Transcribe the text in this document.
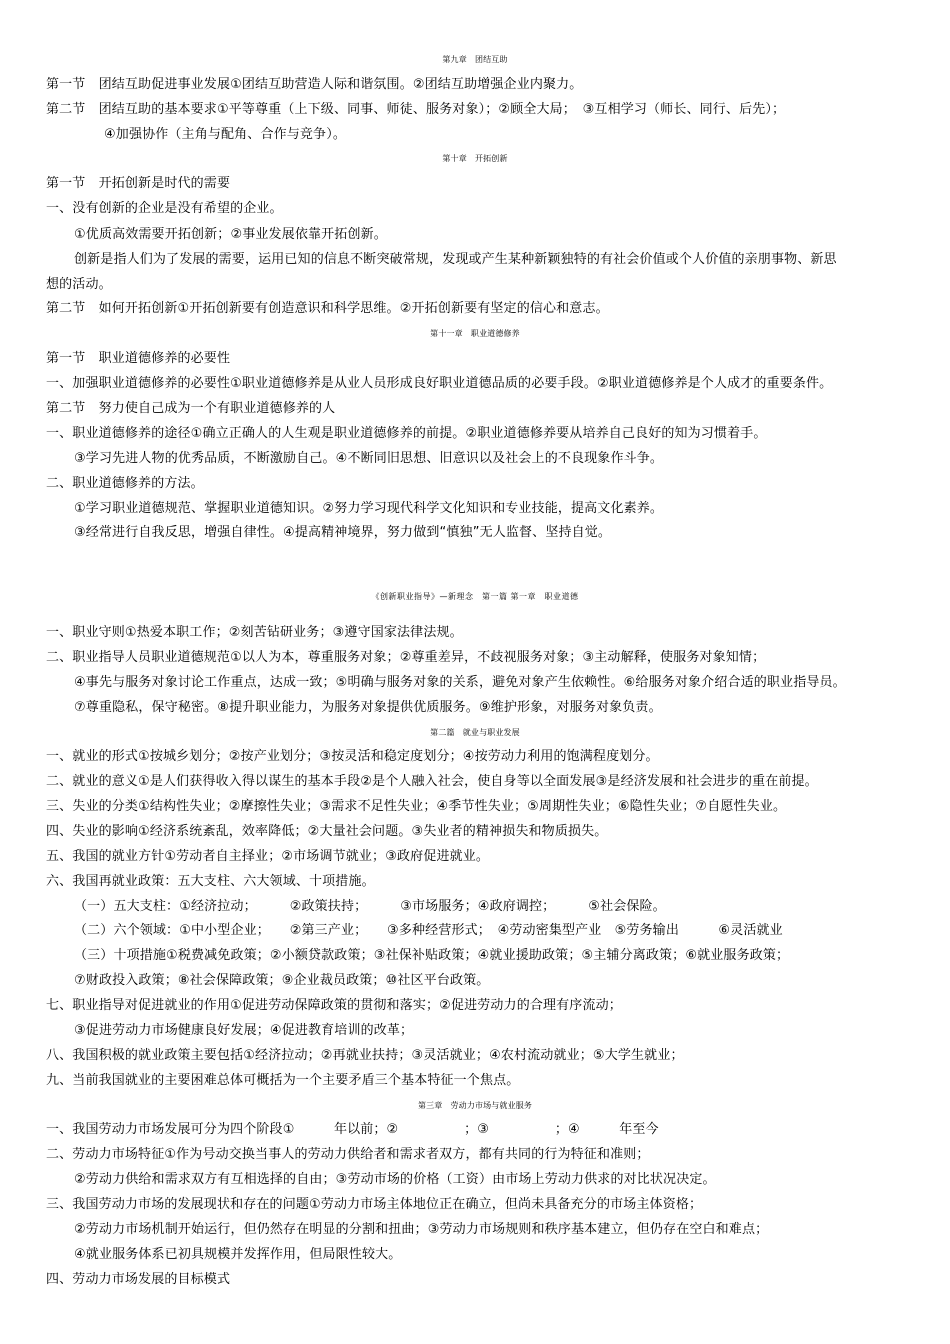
第九章　团结互助

第一节　团结互助促进事业发展①团结互助营造人际和谐氛围。②团结互助增强企业内聚力。

第二节　团结互助的基本要求①平等尊重（上下级、同事、师徒、服务对象）；②顾全大局；　③互相学习（师长、同行、后先）；

④加强协作（主角与配角、合作与竞争）。

第十章　开拓创新

第一节　开拓创新是时代的需要

一、没有创新的企业是没有希望的企业。

①优质高效需要开拓创新；②事业发展依靠开拓创新。

创新是指人们为了发展的需要，运用已知的信息不断突破常规，发现或产生某种新颖独特的有社会价值或个人价值的亲朋事物、新思

想的活动。

第二节　如何开拓创新①开拓创新要有创造意识和科学思维。②开拓创新要有坚定的信心和意志。

第十一章　职业道德修养

第一节　职业道德修养的必要性

一、加强职业道德修养的必要性①职业道德修养是从业人员形成良好职业道德品质的必要手段。②职业道德修养是个人成才的重要条件。

第二节　努力使自己成为一个有职业道德修养的人

一、职业道德修养的途径①确立正确人的人生观是职业道德修养的前提。②职业道德修养要从培养自己良好的知为习惯着手。

③学习先进人物的优秀品质，不断激励自己。④不断同旧思想、旧意识以及社会上的不良现象作斗争。

二、职业道德修养的方法。

①学习职业道德规范、掌握职业道德知识。②努力学习现代科学文化知识和专业技能，提高文化素养。

③经常进行自我反思，增强自律性。④提高精神境界，努力做到“慎独”无人监督、坚持自觉。

《创新职业指导》—新理念　第一篇 第一章　职业道德

一、职业守则①热爱本职工作；②刻苦钻研业务；③遵守国家法律法规。

二、职业指导人员职业道德规范①以人为本，尊重服务对象；②尊重差异，不歧视服务对象；③主动解释，使服务对象知情；

④事先与服务对象讨论工作重点，达成一致；⑤明确与服务对象的关系，避免对象产生依赖性。⑥给服务对象介绍合适的职业指导员。

⑦尊重隐私，保守秘密。⑧提升职业能力，为服务对象提供优质服务。⑨维护形象，对服务对象负责。

第二篇　就业与职业发展

一、就业的形式①按城乡划分；②按产业划分；③按灵活和稳定度划分；④按劳动力利用的饱满程度划分。

二、就业的意义①是人们获得收入得以谋生的基本手段②是个人融入社会，使自身等以全面发展③是经济发展和社会进步的重在前提。

三、失业的分类①结构性失业；②摩擦性失业；③需求不足性失业；④季节性失业；⑤周期性失业；⑥隐性失业；⑦自愿性失业。

四、失业的影响①经济系统紊乱，效率降低；②大量社会问题。③失业者的精神损失和物质损失。

五、我国的就业方针①劳动者自主择业；②市场调节就业；③政府促进就业。

六、我国再就业政策：五大支柱、六大领域、十项措施。

（一）五大支柱：①经济拉动；　　　②政策扶持；　　　③市场服务；④政府调控；　　　⑤社会保险。

（二）六个领域：①中小型企业；　　②第三产业；　　③多种经营形式；　④劳动密集型产业　⑤劳务输出　　　⑥灵活就业

（三）十项措施①税费减免政策；②小额贷款政策；③社保补贴政策；④就业援助政策；⑤主辅分离政策；⑥就业服务政策；

⑦财政投入政策；⑧社会保障政策；⑨企业裁员政策；⑩社区平台政策。

七、职业指导对促进就业的作用①促进劳动保障政策的贯彻和落实；②促进劳动力的合理有序流动；

③促进劳动力市场健康良好发展；④促进教育培训的改革；

八、我国积极的就业政策主要包括①经济拉动；②再就业扶持；③灵活就业；④农村流动就业；⑤大学生就业；

九、当前我国就业的主要困难总体可概括为一个主要矛盾三个基本特征一个焦点。

第三章　劳动力市场与就业服务

一、我国劳动力市场发展可分为四个阶段①　　　年以前；②　　　　　；③　　　　　；④　　　年至今

二、劳动力市场特征①作为号动交换当事人的劳动力供给者和需求者双方，都有共同的行为特征和准则；

②劳动力供给和需求双方有互相选择的自由；③劳动市场的价格（工资）由市场上劳动力供求的对比状况决定。

三、我国劳动力市场的发展现状和存在的问题①劳动力市场主体地位正在确立，但尚未具备充分的市场主体资格；

②劳动力市场机制开始运行，但仍然存在明显的分割和扭曲；③劳动力市场规则和秩序基本建立，但仍存在空白和难点；

④就业服务体系已初具规模并发挥作用，但局限性较大。

四、劳动力市场发展的目标模式
